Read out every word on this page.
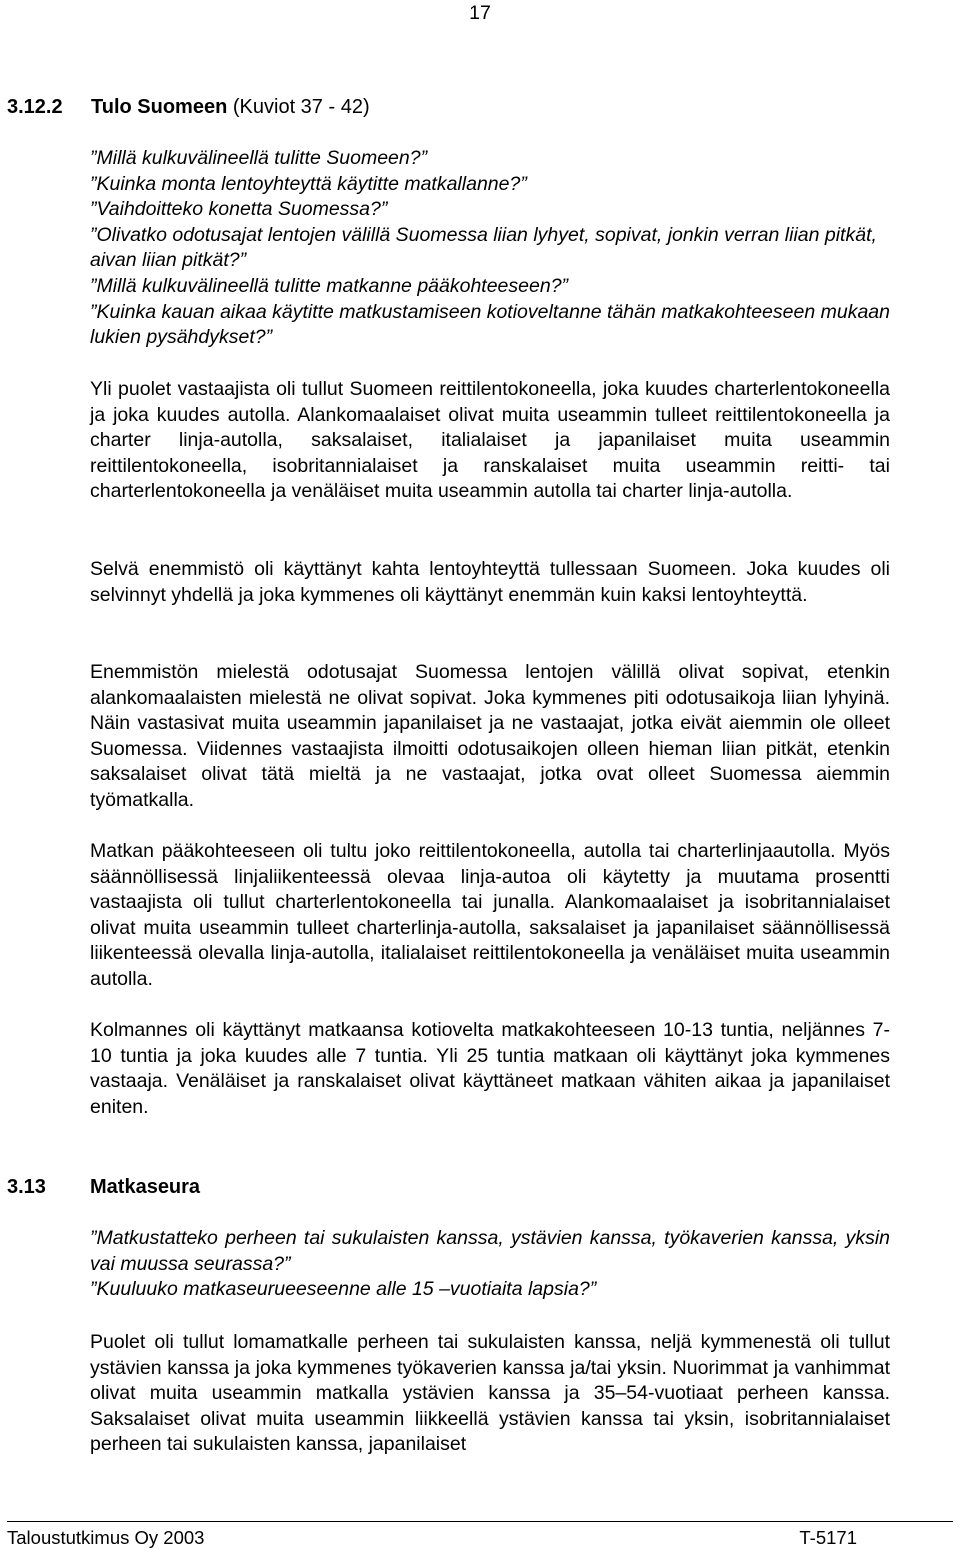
17
3.12.2 Tulo Suomeen (Kuviot 37 - 42)
”Millä kulkuvälineellä tulitte Suomeen?”
”Kuinka monta lentoyhteyttä käytitte matkallanne?”
”Vaihdoitteko konetta Suomessa?”
”Olivatko odotusajat lentojen välillä Suomessa liian lyhyet, sopivat, jonkin verran liian pitkät, aivan liian pitkät?”
”Millä kulkuvälineellä tulitte matkanne pääkohteeseen?”
”Kuinka kauan aikaa käytitte matkustamiseen kotioveltanne tähän matkakohteeseen mukaan lukien pysähdykset?”
Yli puolet vastaajista oli tullut Suomeen reittilentokoneella, joka kuudes charterlentokoneella ja joka kuudes autolla. Alankomaalaiset olivat muita useammin tulleet reittilentokoneella ja charter linja-autolla, saksalaiset, italialaiset ja japanilaiset muita useammin reittilentokoneella, isobritannialaiset ja ranskalaiset muita useammin reitti- tai charterlentokoneella ja venäläiset muita useammin autolla tai charter linja-autolla.
Selvä enemmistö oli käyttänyt kahta lentoyhteyttä tullessaan Suomeen. Joka kuudes oli selvinnyt yhdellä ja joka kymmenes oli käyttänyt enemmän kuin kaksi lentoyhteyttä.
Enemmistön mielestä odotusajat Suomessa lentojen välillä olivat sopivat, etenkin alankomaalaisten mielestä ne olivat sopivat. Joka kymmenes piti odotusaikoja liian lyhyinä. Näin vastasivat muita useammin japanilaiset ja ne vastaajat, jotka eivät aiemmin ole olleet Suomessa. Viidennes vastaajista ilmoitti odotusaikojen olleen hieman liian pitkät, etenkin saksalaiset olivat tätä mieltä ja ne vastaajat, jotka ovat olleet Suomessa aiemmin työmatkalla.
Matkan pääkohteeseen oli tultu joko reittilentokoneella, autolla tai charterlinjaautolla. Myös säännöllisessä linjaliikenteessä olevaa linja-autoa oli käytetty ja muutama prosentti vastaajista oli tullut charterlentokoneella tai junalla. Alankomaalaiset ja isobritannialaiset olivat muita useammin tulleet charterlinja-autolla, saksalaiset ja japanilaiset säännöllisessä liikenteessä olevalla linja-autolla, italialaiset reittilentokoneella ja venäläiset muita useammin autolla.
Kolmannes oli käyttänyt matkaansa kotiovelta matkakohteeseen 10-13 tuntia, neljännes 7-10 tuntia ja joka kuudes alle 7 tuntia. Yli 25 tuntia matkaan oli käyttänyt joka kymmenes vastaaja. Venäläiset ja ranskalaiset olivat käyttäneet matkaan vähiten aikaa ja japanilaiset eniten.
3.13 Matkaseura
”Matkustatteko perheen tai sukulaisten kanssa, ystävien kanssa, työkaverien kanssa, yksin vai muussa seurassa?”
”Kuuluuko matkaseurueeseenne alle 15 –vuotiaita lapsia?”
Puolet oli tullut lomamatkalle perheen tai sukulaisten kanssa, neljä kymmenestä oli tullut ystävien kanssa ja joka kymmenes työkaverien kanssa ja/tai yksin. Nuorimmat ja vanhimmat olivat muita useammin matkalla ystävien kanssa ja 35–54-vuotiaat perheen kanssa. Saksalaiset olivat muita useammin liikkeellä ystävien kanssa tai yksin, isobritannialaiset perheen tai sukulaisten kanssa, japanilaiset
Taloustutkimus Oy 2003	T-5171
